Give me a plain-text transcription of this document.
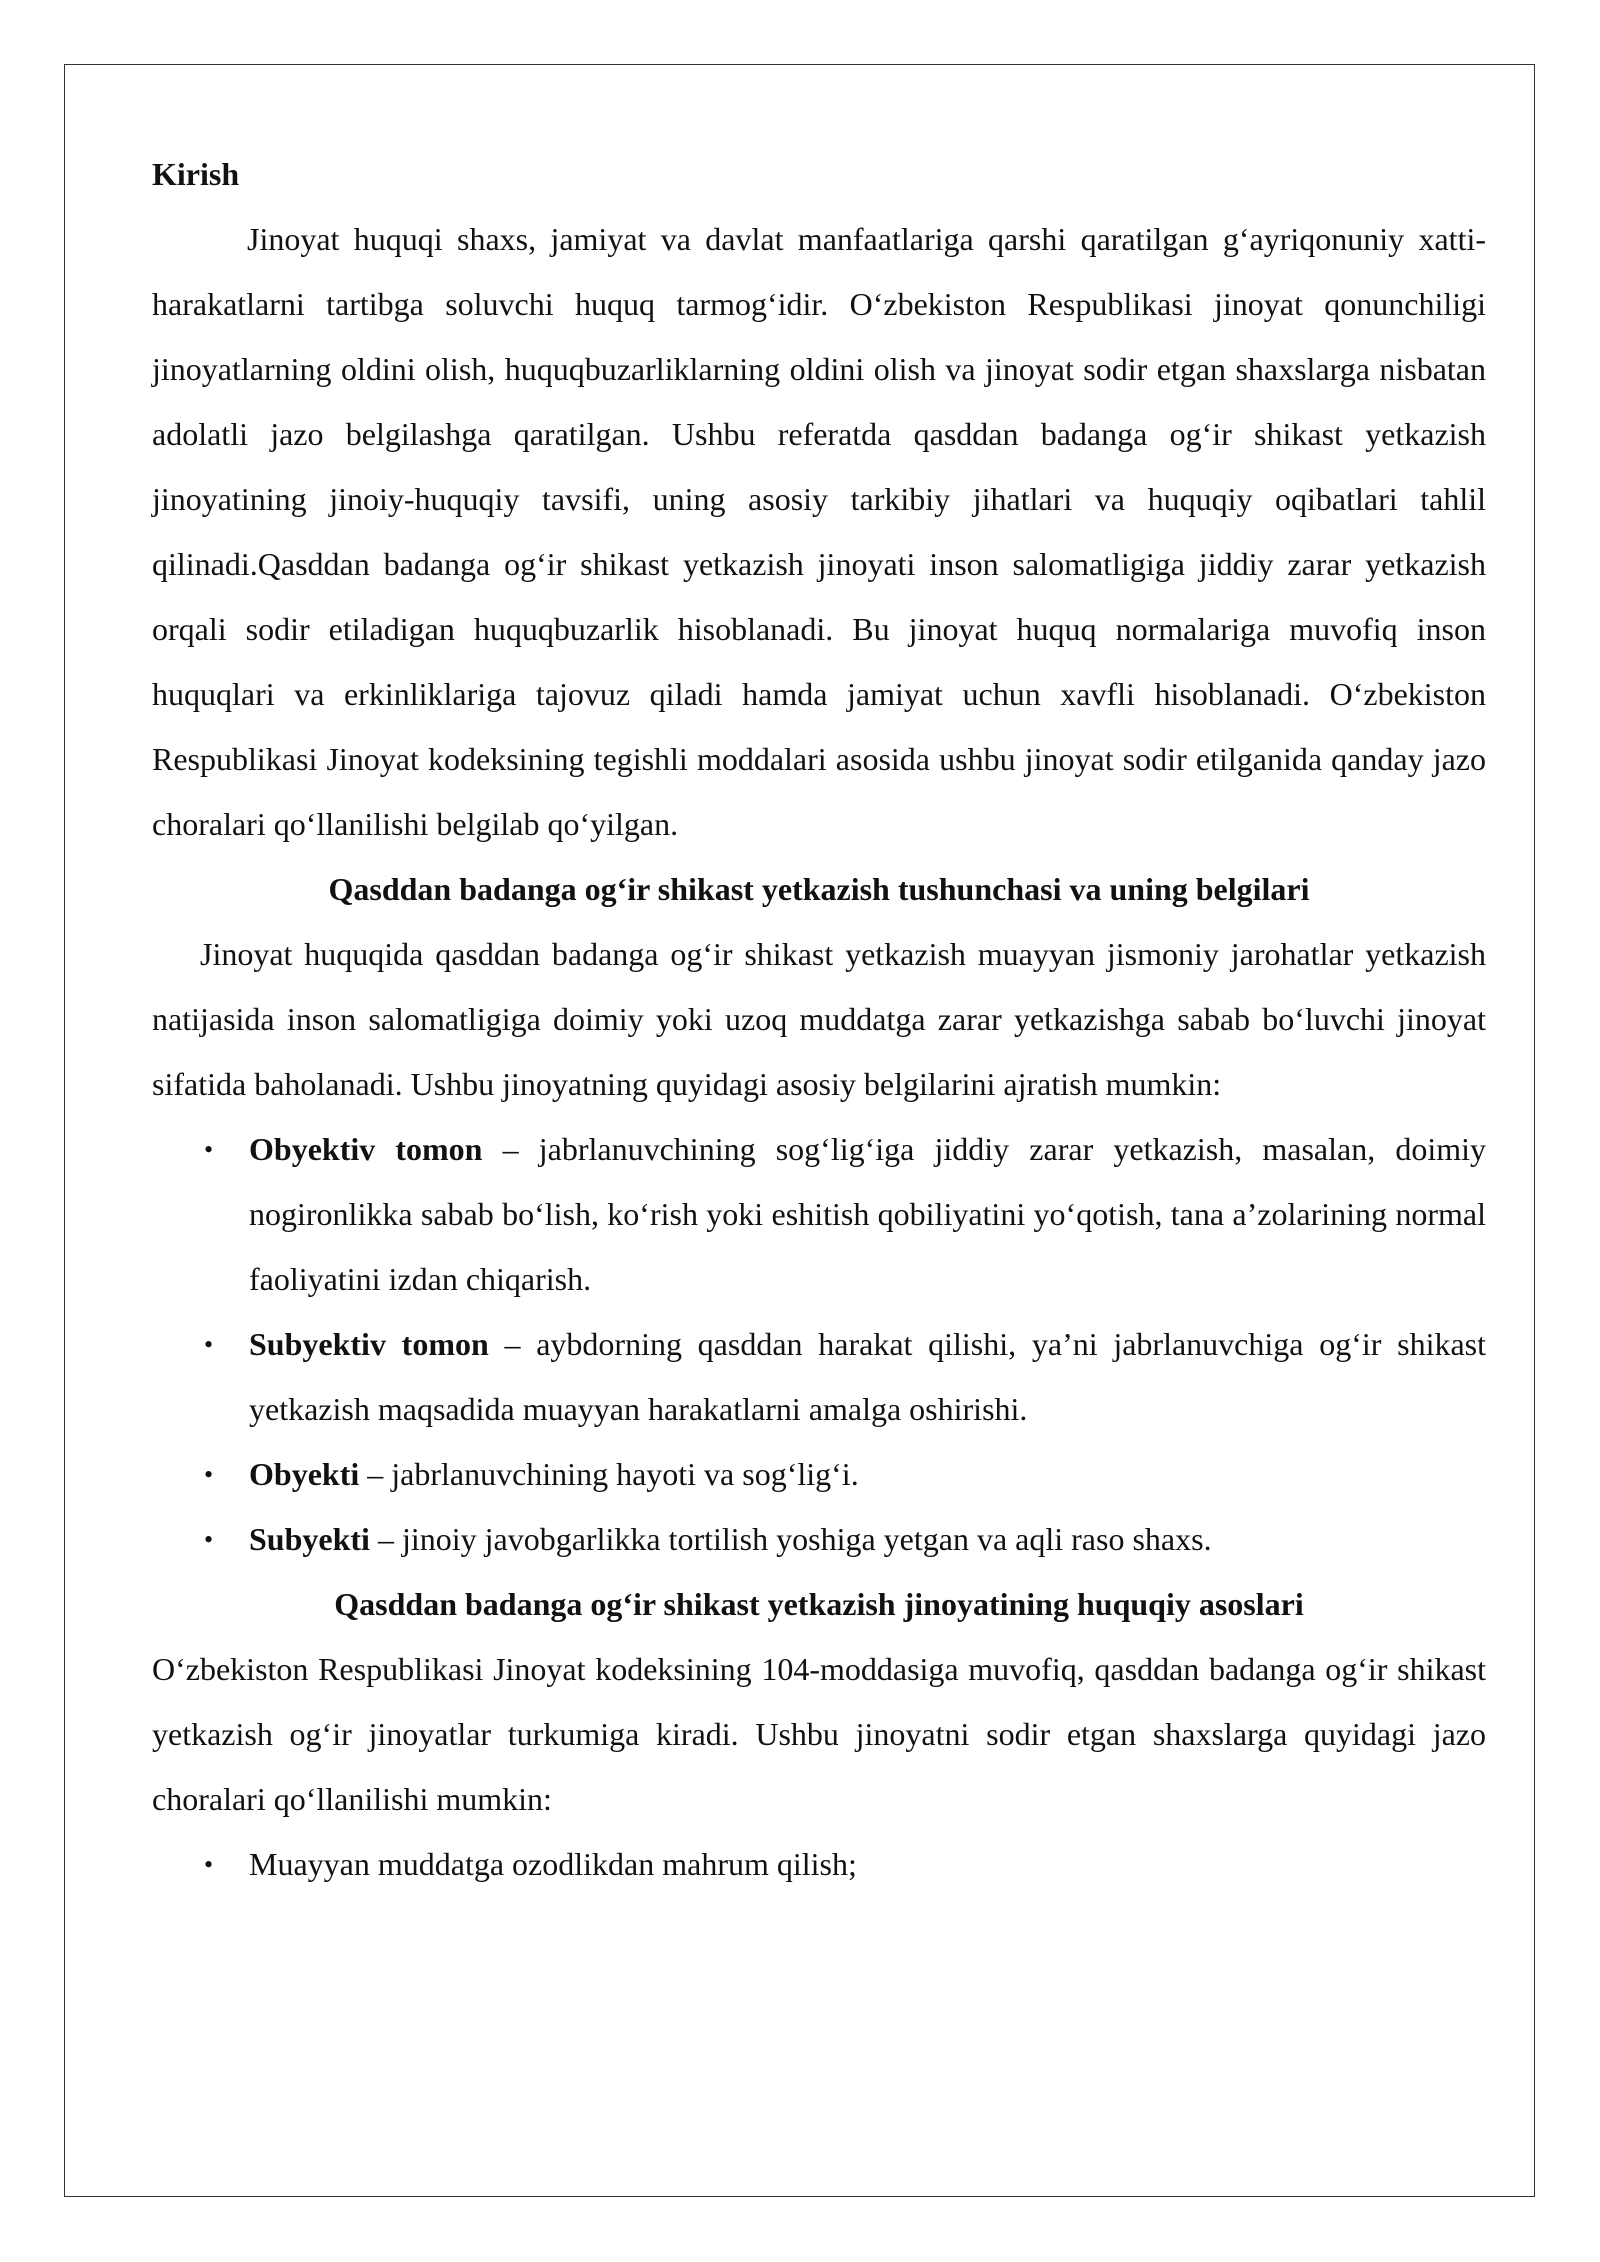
Kirish

Jinoyat huquqi shaxs, jamiyat va davlat manfaatlariga qarshi qaratilgan g‘ayriqonuniy xatti-harakatlarni tartibga soluvchi huquq tarmog‘idir. O‘zbekiston Respublikasi jinoyat qonunchiligi jinoyatlarning oldini olish, huquqbuzarliklarning oldini olish va jinoyat sodir etgan shaxslarga nisbatan adolatli jazo belgilashga qaratilgan. Ushbu referatda qasddan badanga og‘ir shikast yetkazish jinoyatining jinoiy-huquqiy tavsifi, uning asosiy tarkibiy jihatlari va huquqiy oqibatlari tahlil qilinadi.Qasddan badanga og‘ir shikast yetkazish jinoyati inson salomatligiga jiddiy zarar yetkazish orqali sodir etiladigan huquqbuzarlik hisoblanadi. Bu jinoyat huquq normalariga muvofiq inson huquqlari va erkinliklariga tajovuz qiladi hamda jamiyat uchun xavfli hisoblanadi. O‘zbekiston Respublikasi Jinoyat kodeksining tegishli moddalari asosida ushbu jinoyat sodir etilganida qanday jazo choralari qo‘llanilishi belgilab qo‘yilgan.

Qasddan badanga og‘ir shikast yetkazish tushunchasi va uning belgilari

Jinoyat huquqida qasddan badanga og‘ir shikast yetkazish muayyan jismoniy jarohatlar yetkazish natijasida inson salomatligiga doimiy yoki uzoq muddatga zarar yetkazishga sabab bo‘luvchi jinoyat sifatida baholanadi. Ushbu jinoyatning quyidagi asosiy belgilarini ajratish mumkin:

• Obyektiv tomon – jabrlanuvchining sog‘lig‘iga jiddiy zarar yetkazish, masalan, doimiy nogironlikka sabab bo‘lish, ko‘rish yoki eshitish qobiliyatini yo‘qotish, tana a’zolarining normal faoliyatini izdan chiqarish.
• Subyektiv tomon – aybdorning qasddan harakat qilishi, ya’ni jabrlanuvchiga og‘ir shikast yetkazish maqsadida muayyan harakatlarni amalga oshirishi.
• Obyekti – jabrlanuvchining hayoti va sog‘lig‘i.
• Subyekti – jinoiy javobgarlikka tortilish yoshiga yetgan va aqli raso shaxs.

Qasddan badanga og‘ir shikast yetkazish jinoyatining huquqiy asoslari

O‘zbekiston Respublikasi Jinoyat kodeksining 104-moddasiga muvofiq, qasddan badanga og‘ir shikast yetkazish og‘ir jinoyatlar turkumiga kiradi. Ushbu jinoyatni sodir etgan shaxslarga quyidagi jazo choralari qo‘llanilishi mumkin:

• Muayyan muddatga ozodlikdan mahrum qilish;
